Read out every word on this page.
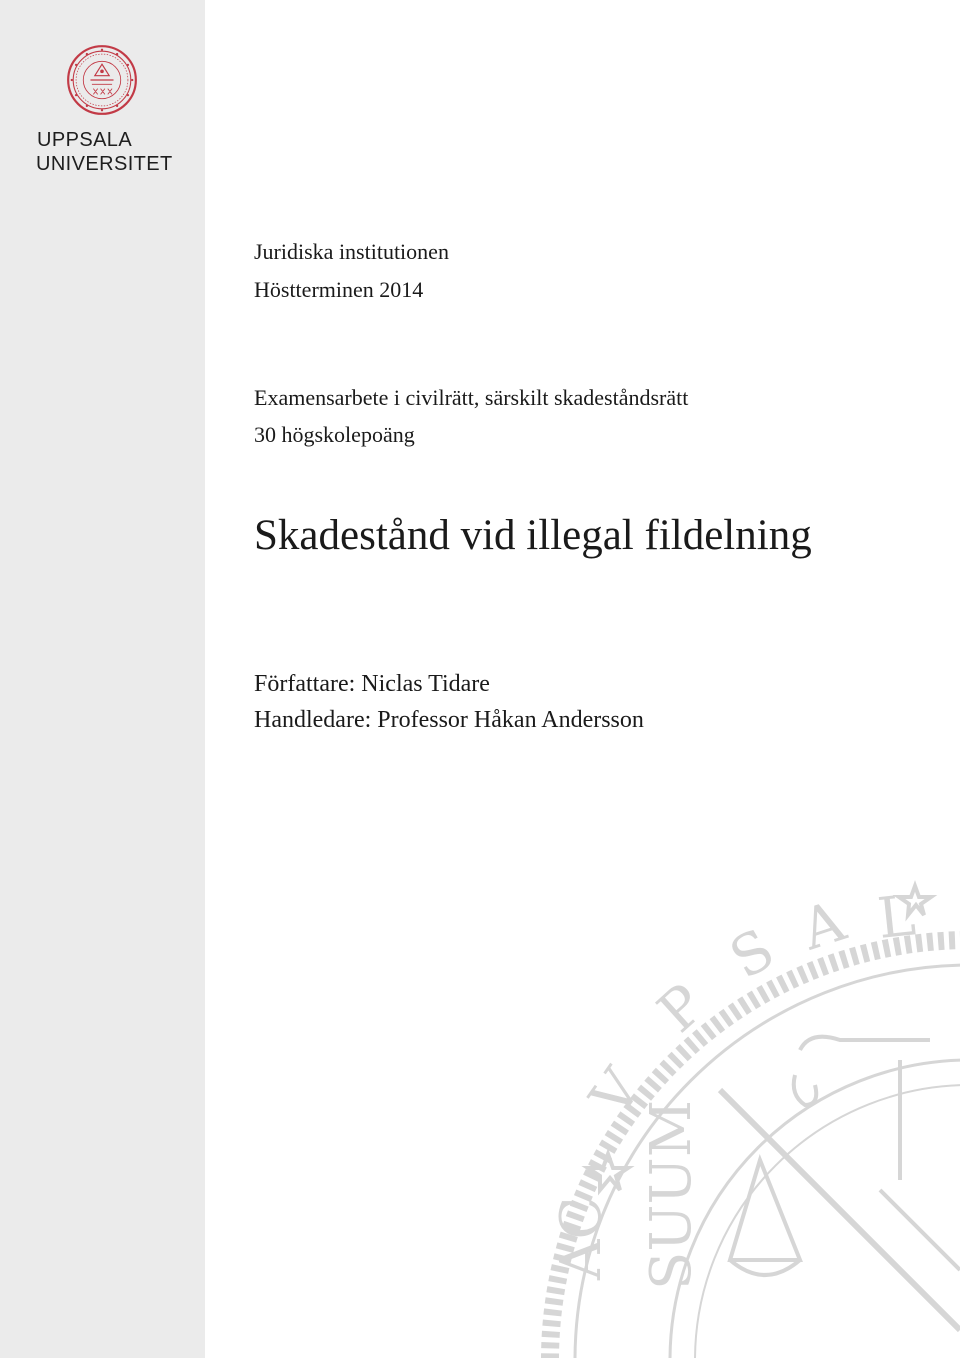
UPPSALA
UNIVERSITET
Juridiska institutionen
Höstterminen 2014
Examensarbete i civilrätt, särskilt skadeståndsrätt
30 högskolepoäng
Skadestånd vid illegal fildelning
Författare: Niclas Tidare
Handledare: Professor Håkan Andersson
V
P
S A L
AC SUUM
